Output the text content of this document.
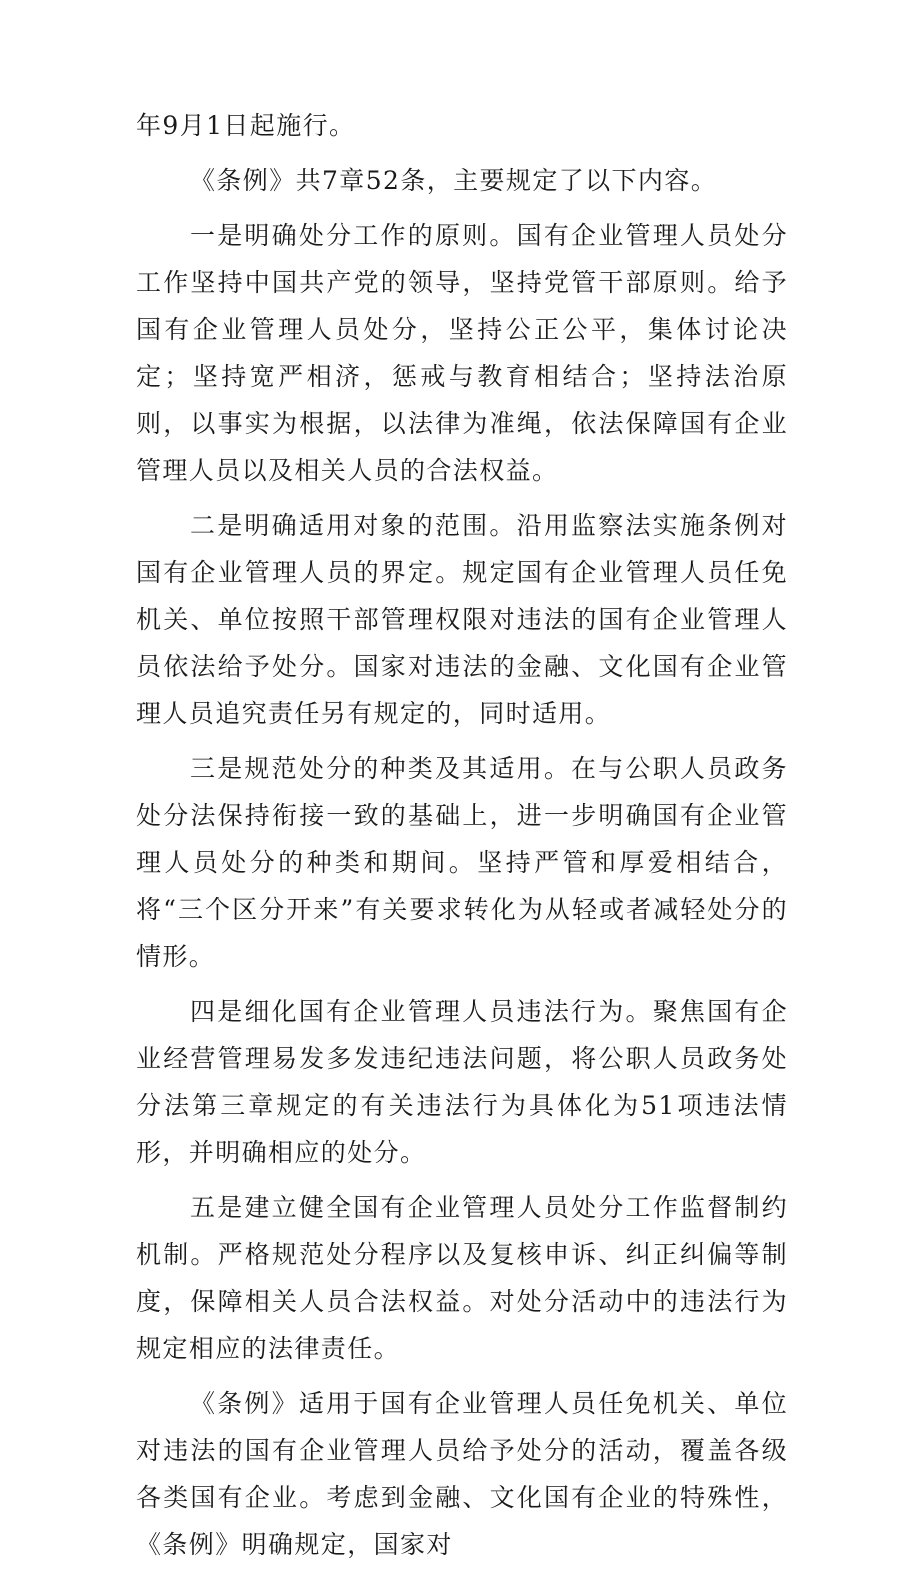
年9月1日起施行。

《条例》共7章52条，主要规定了以下内容。

一是明确处分工作的原则。国有企业管理人员处分工作坚持中国共产党的领导，坚持党管干部原则。给予国有企业管理人员处分，坚持公正公平，集体讨论决定；坚持宽严相济，惩戒与教育相结合；坚持法治原则，以事实为根据，以法律为准绳，依法保障国有企业管理人员以及相关人员的合法权益。

二是明确适用对象的范围。沿用监察法实施条例对国有企业管理人员的界定。规定国有企业管理人员任免机关、单位按照干部管理权限对违法的国有企业管理人员依法给予处分。国家对违法的金融、文化国有企业管理人员追究责任另有规定的，同时适用。

三是规范处分的种类及其适用。在与公职人员政务处分法保持衔接一致的基础上，进一步明确国有企业管理人员处分的种类和期间。坚持严管和厚爱相结合，将“三个区分开来”有关要求转化为从轻或者减轻处分的情形。

四是细化国有企业管理人员违法行为。聚焦国有企业经营管理易发多发违纪违法问题，将公职人员政务处分法第三章规定的有关违法行为具体化为51项违法情形，并明确相应的处分。

五是建立健全国有企业管理人员处分工作监督制约机制。严格规范处分程序以及复核申诉、纠正纠偏等制度，保障相关人员合法权益。对处分活动中的违法行为规定相应的法律责任。

《条例》适用于国有企业管理人员任免机关、单位对违法的国有企业管理人员给予处分的活动，覆盖各级各类国有企业。考虑到金融、文化国有企业的特殊性，《条例》明确规定，国家对
